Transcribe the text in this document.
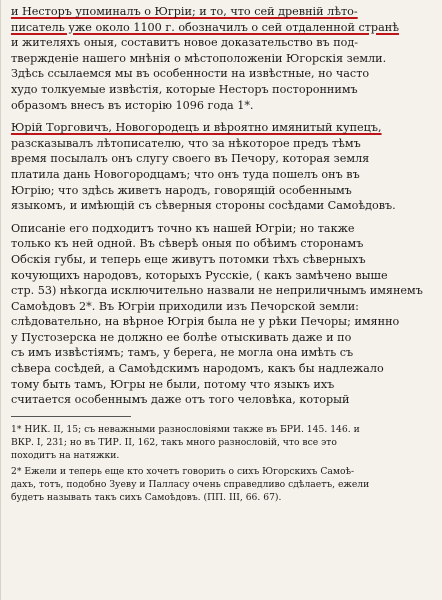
и Несторъ упоминалъ о Югріи; и то, что сей древній лѣто-
писатель уже около 1100 г. обозначилъ о сей отдаленной странѣ
и жителяхъ оныя, составитъ новое доказательство въ под-
твержденіе нашего мнѣнія о мѣстоположеніи Югорскія земли.
Здѣсь ссылаемся мы въ особенности на извѣстные, но часто
худо толкуемые извѣстія, которые Несторъ постороннимъ
образомъ внесъ въ исторію 1096 года 1*.
Юрій Торговичъ, Новогородецъ и вѣроятно имянитый купецъ,
разсказывалъ лѣтописателю, что за нѣкоторое предъ тѣмъ
время посылалъ онъ слугу своего въ Печору, которая земля
платила дань Новогородцамъ; что онъ туда пошелъ онъ въ
Югрію; что здѣсь живетъ народъ, говорящій особеннымъ
языкомъ, и имѣющій съ сѣверныя стороны сосѣдами Самоѣдовъ.
Описаніе его подходитъ точно къ нашей Югріи; но также
только къ ней одной. Въ сѣверѣ оныя по обѣимъ сторонамъ
Обскія губы, и теперь еще живутъ потомки тѣхъ сѣверныхъ
кочующихъ народовъ, которыхъ Русскіе, ( какъ замѣчено выше
стр. 53) нѣкогда исключительно назвали не неприличнымъ имянемъ
Самоѣдовъ 2*. Въ Югріи приходили изъ Печорской земли:
слѣдовательно, на вѣрное Югрія была не у рѣки Печоры; имянно
у Пустозерска не должно ее болѣе отыскивать даже и по
съ имъ извѣстіямъ; тамъ, у берега, не могла она имѣть съ
сѣвера сосѣдей, а Самоѣдскимъ народомъ, какъ бы надлежало
тому быть тамъ, Югры не были, потому что языкъ ихъ
считается особеннымъ даже отъ того человѣка, который
1* НИК. II, 15; съ неважными разнословіями также въ БРИ. 145. 146. и
ВКР. I, 231; но въ ТИР. II, 162, такъ много разнословій, что все это
походитъ на натяжки.
2* Ежели и теперь еще кто хочетъ говорить о сихъ Югорскихъ Самоѣ-
дахъ, тотъ, подобно Зуеву и Палласу очень справедливо сдѣлаетъ, ежели
будетъ называть такъ сихъ Самоѣдовъ. (ПП. III, 66. 67).
